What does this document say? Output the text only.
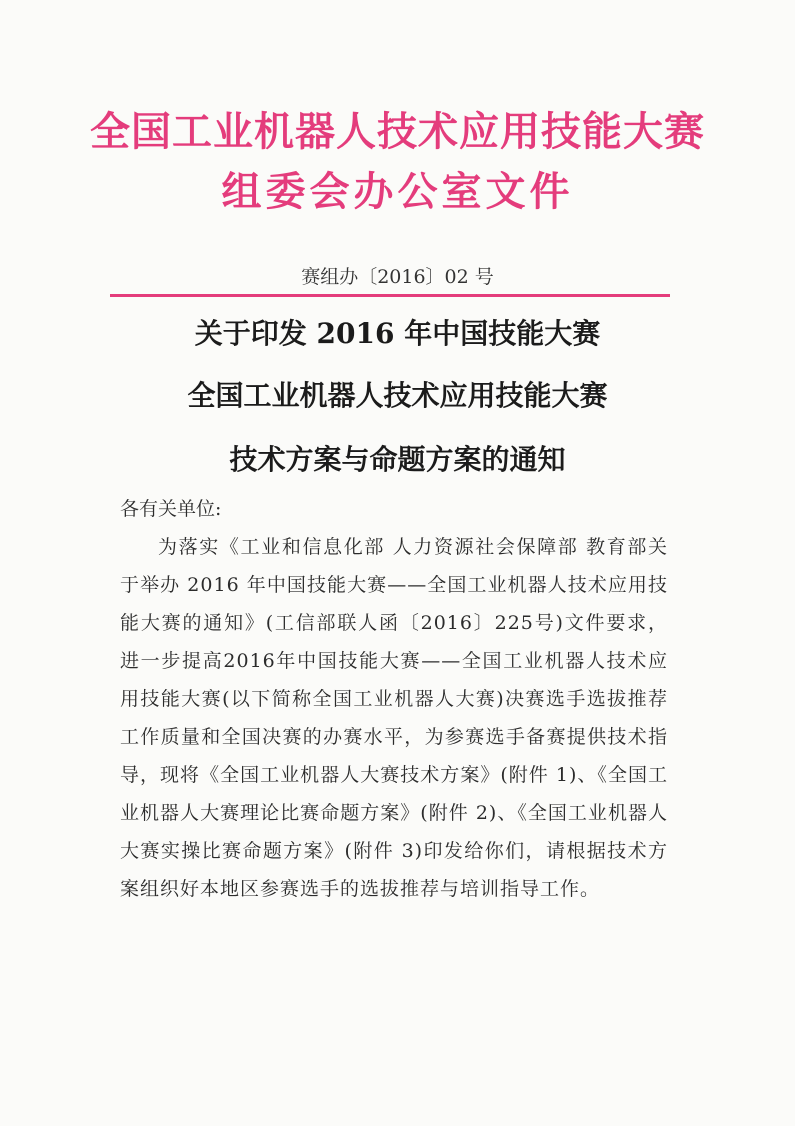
全国工业机器人技术应用技能大赛
组委会办公室文件
赛组办〔2016〕02 号
关于印发 2016 年中国技能大赛
全国工业机器人技术应用技能大赛
技术方案与命题方案的通知
各有关单位:

为落实《工业和信息化部 人力资源社会保障部 教育部关于举办 2016 年中国技能大赛——全国工业机器人技术应用技能大赛的通知》(工信部联人函〔2016〕225号)文件要求，进一步提高2016年中国技能大赛——全国工业机器人技术应用技能大赛(以下简称全国工业机器人大赛)决赛选手选拔推荐工作质量和全国决赛的办赛水平，为参赛选手备赛提供技术指导，现将《全国工业机器人大赛技术方案》(附件 1)、《全国工业机器人大赛理论比赛命题方案》(附件 2)、《全国工业机器人大赛实操比赛命题方案》(附件 3)印发给你们，请根据技术方案组织好本地区参赛选手的选拔推荐与培训指导工作。
